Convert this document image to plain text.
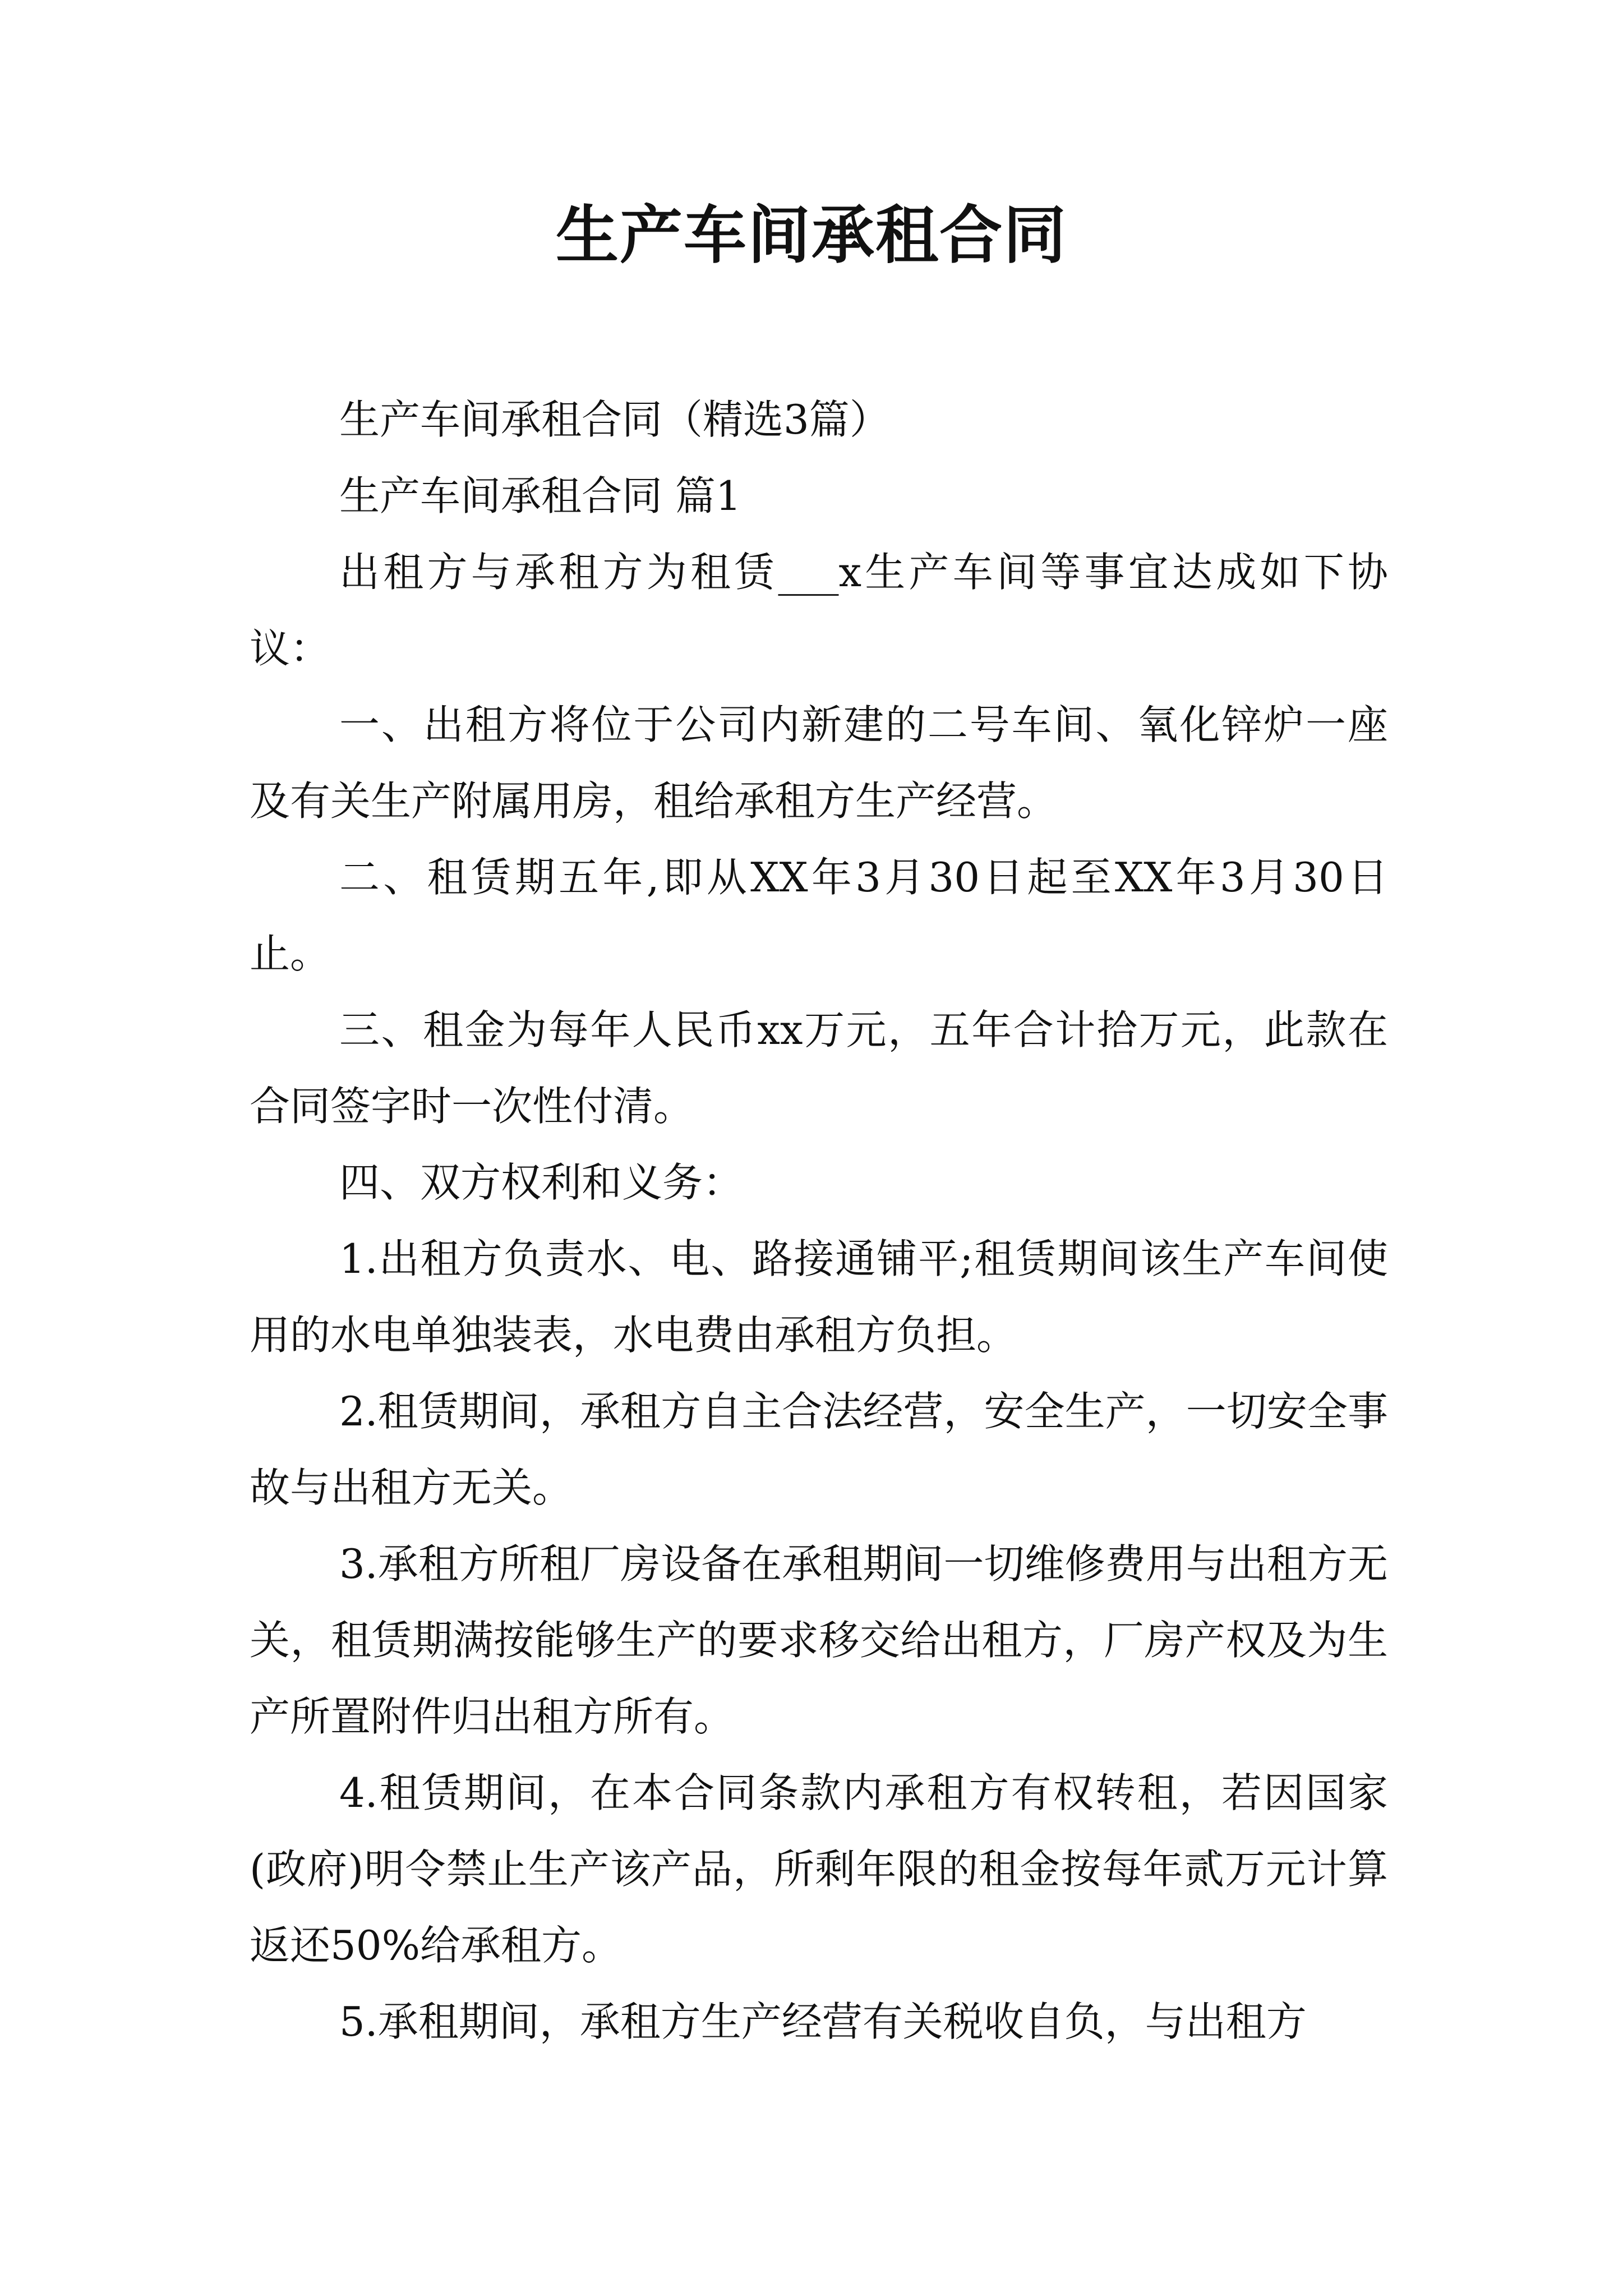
生产车间承租合同

生产车间承租合同（精选3篇）

生产车间承租合同 篇1

出租方与承租方为租赁___x生产车间等事宜达成如下协议：

一、出租方将位于公司内新建的二号车间、氧化锌炉一座及有关生产附属用房，租给承租方生产经营。

二、租赁期五年,即从XX年3月30日起至XX年3月30日止。

三、租金为每年人民币xx万元，五年合计拾万元，此款在合同签字时一次性付清。

四、双方权利和义务：

1.出租方负责水、电、路接通铺平;租赁期间该生产车间使用的水电单独装表，水电费由承租方负担。

2.租赁期间，承租方自主合法经营，安全生产，一切安全事故与出租方无关。

3.承租方所租厂房设备在承租期间一切维修费用与出租方无关，租赁期满按能够生产的要求移交给出租方，厂房产权及为生产所置附件归出租方所有。

4.租赁期间，在本合同条款内承租方有权转租，若因国家(政府)明令禁止生产该产品，所剩年限的租金按每年贰万元计算返还50%给承租方。

5.承租期间，承租方生产经营有关税收自负，与出租方
